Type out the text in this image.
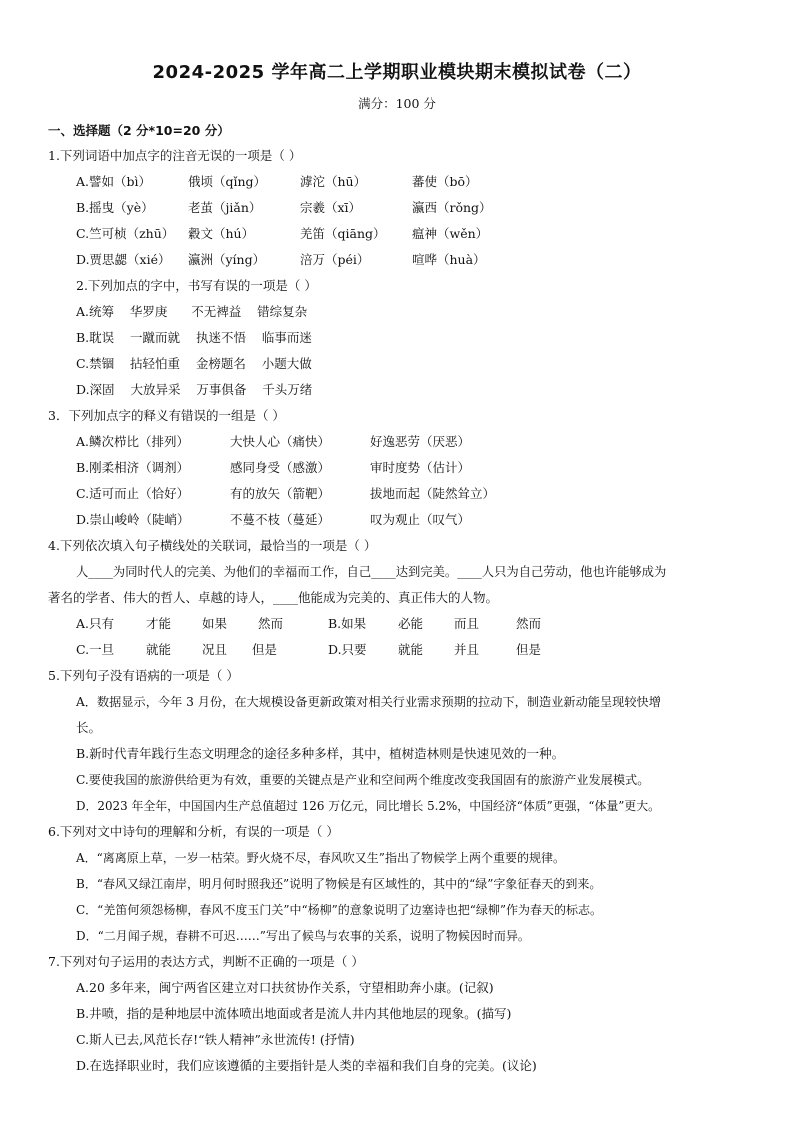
2024-2025 学年高二上学期职业模块期末模拟试卷（二）
满分：100 分
一、选择题（2 分*10=20 分）
1.下列词语中加点字的注音无误的一项是（ ）
A.譬如（bì）	俄顷（qǐng）	滹沱（hū）	蕃使（bō）
B.摇曳（yè）	老茧（jiǎn）	宗羲（xī）	瀛西（rǒng）
C.竺可桢（zhū） 縠文（hú）	羌笛（qiāng） 瘟神（wěn）
D.贾思勰（xié） 瀛洲（yíng）	涪万（péi）	喧哗（huà）
2.下列加点的字中，书写有误的一项是（ ）
A.统筹    华罗庚      不无裨益    错综复杂
B.耽误    一蹴而就    执迷不悟    临事而迷
C.禁锢    拈轻怕重    金榜题名    小题大做
D.深固    大放异采    万事俱备    千头万绪
3．下列加点字的释义有错误的一组是（ ）
A.鳞次栉比（排列）	大快人心（痛快）	好逸恶劳（厌恶）
B.刚柔相济（调剂）	感同身受（感激）	审时度势（估计）
C.适可而止（恰好）	有的放矢（箭靶）	拔地而起（陡然耸立）
D.崇山峻岭（陡峭）	不蔓不枝（蔓延）	叹为观止（叹气）
4.下列依次填入句子横线处的关联词，最恰当的一项是（ ）
人____为同时代人的完美、为他们的幸福而工作，自己____达到完美。____人只为自己劳动，他也许能够成为
著名的学者、伟大的哲人、卓越的诗人，____他能成为完美的、真正伟大的人物。
A.只有	才能 如果 然而	B.如果	必能 而且	然而
C.一旦	就能 况且 但是	D.只要	就能 并且	但是
5.下列句子没有语病的一项是（ ）
A．数据显示，今年 3 月份，在大规模设备更新政策对相关行业需求预期的拉动下，制造业新动能呈现较快增
长。
B.新时代青年践行生态文明理念的途径多种多样，其中，植树造林则是快速见效的一种。
C.要使我国的旅游供给更为有效，重要的关键点是产业和空间两个维度改变我国固有的旅游产业发展模式。
D．2023 年全年，中国国内生产总值超过 126 万亿元，同比增长 5.2%，中国经济“体质”更强，“体量”更大。
6.下列对文中诗句的理解和分析，有误的一项是（ ）
A．“离离原上草，一岁一枯荣。野火烧不尽，春风吹又生”指出了物候学上两个重要的规律。
B．“春风又绿江南岸，明月何时照我还”说明了物候是有区域性的，其中的“绿”字象征春天的到来。
C．“羌笛何须怨杨柳，春风不度玉门关”中“杨柳”的意象说明了边塞诗也把“绿柳”作为春天的标志。
D．“二月闻子规，春耕不可迟……”写出了候鸟与农事的关系，说明了物候因时而异。
7.下列对句子运用的表达方式，判断不正确的一项是（ ）
A.20 多年来，闽宁两省区建立对口扶贫协作关系，守望相助奔小康。(记叙)
B.井喷，指的是种地层中流体喷出地面或者是流人井内其他地层的现象。(描写)
C.斯人已去,风范长存!“铁人精神”永世流传! (抒情)
D.在选择职业时，我们应该遵循的主要指针是人类的幸福和我们自身的完美。(议论)
